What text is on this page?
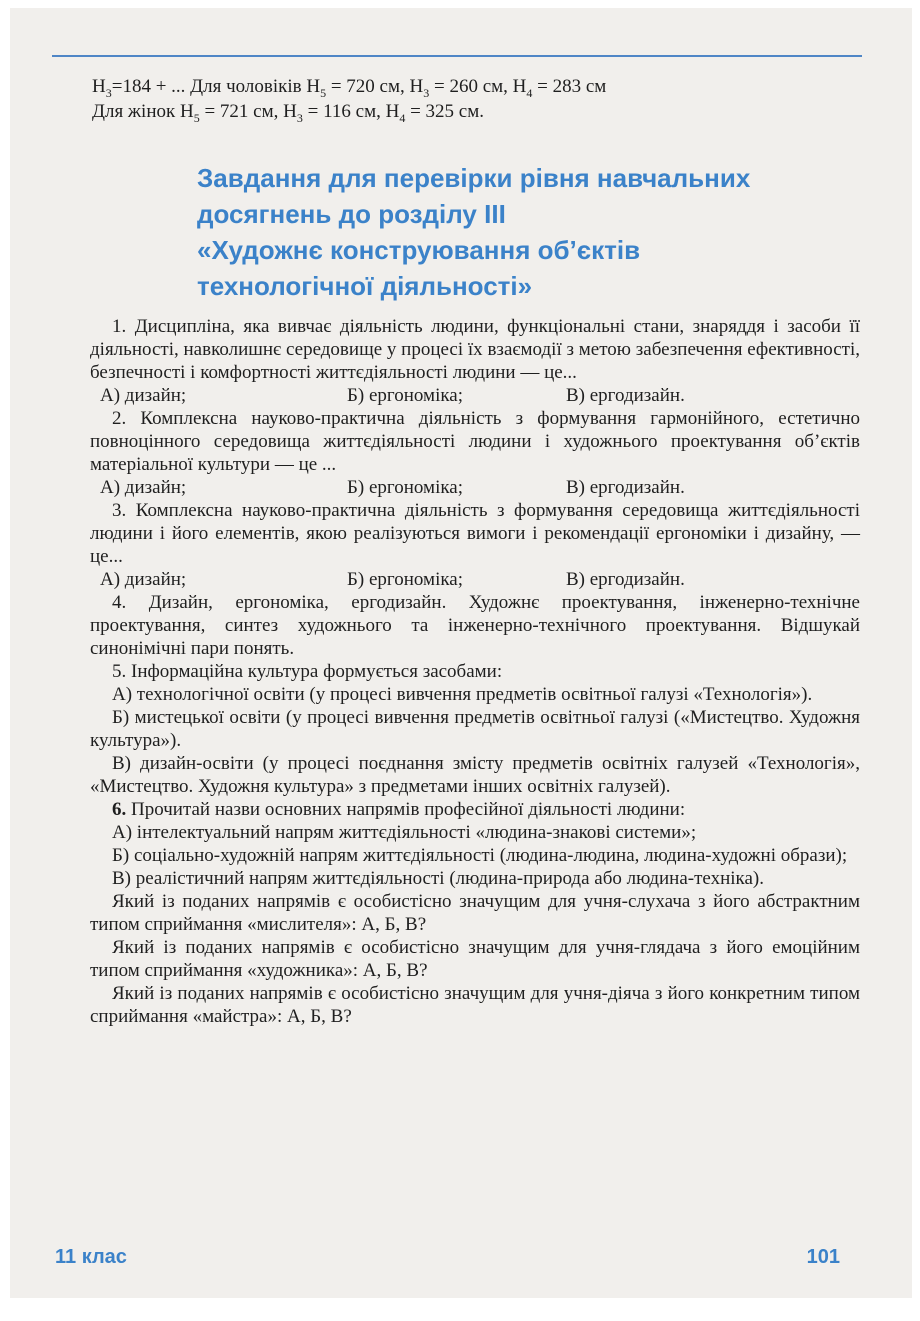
$H_3=184$ + ... Для чоловіків $H_5 = 720$ см, $H_3 = 260$ см, $H_4 = 283$ см
Для жінок $H_5 = 721$ см, $H_3 = 116$ см, $H_4 = 325$ см.
Завдання для перевірки рівня навчальних
досягнень до розділу III
«Художнє конструювання об’єктів
технологічної діяльності»

1. Дисципліна, яка вивчає діяльність людини, функціональні стани, знаряддя і засоби її діяльності, навколишнє середовище у процесі їх взаємодії з метою забезпечення ефективності, безпечності і комфортності життєдіяльності людини — це...

А) дизайн;	Б) ергономіка;	В) ергодизайн.

2. Комплексна науково-практична діяльність з формування гармонійного, естетично повноцінного середовища життєдіяльності людини і художнього проектування об’єктів матеріальної культури — це ...

А) дизайн;	Б) ергономіка;	В) ергодизайн.

3. Комплексна науково-практична діяльність з формування середовища життєдіяльності людини і його елементів, якою реалізуються вимоги і рекомендації ергономіки і дизайну, — це...

А) дизайн;	Б) ергономіка;	В) ергодизайн.

4. Дизайн, ергономіка, ергодизайн. Художнє проектування, інженерно-технічне проектування, синтез художнього та інженерно-технічного проектування. Відшукай синонімічні пари понять.

5. Інформаційна культура формується засобами:

А) технологічної освіти (у процесі вивчення предметів освітньої галузі «Технологія»).

Б) мистецької освіти (у процесі вивчення предметів освітньої галузі («Мистецтво. Художня культура»).

В) дизайн-освіти (у процесі поєднання змісту предметів освітніх галузей «Технологія», «Мистецтво. Художня культура» з предметами інших освітніх галузей).

6. Прочитай назви основних напрямів професійної діяльності людини:

А) інтелектуальний напрям життєдіяльності «людина-знакові системи»;

Б) соціально-художній напрям життєдіяльності (людина-людина, людина-художні образи);

В) реалістичний напрям життєдіяльності (людина-природа або людина-техніка).

Який із поданих напрямів є особистісно значущим для учня-слухача з його абстрактним типом сприймання «мислителя»: А, Б, В?

Який із поданих напрямів є особистісно значущим для учня-глядача з його емоційним типом сприймання «художника»: А, Б, В?

Який із поданих напрямів є особистісно значущим для учня-діяча з його конкретним типом сприймання «майстра»: А, Б, В?

11 клас	101
